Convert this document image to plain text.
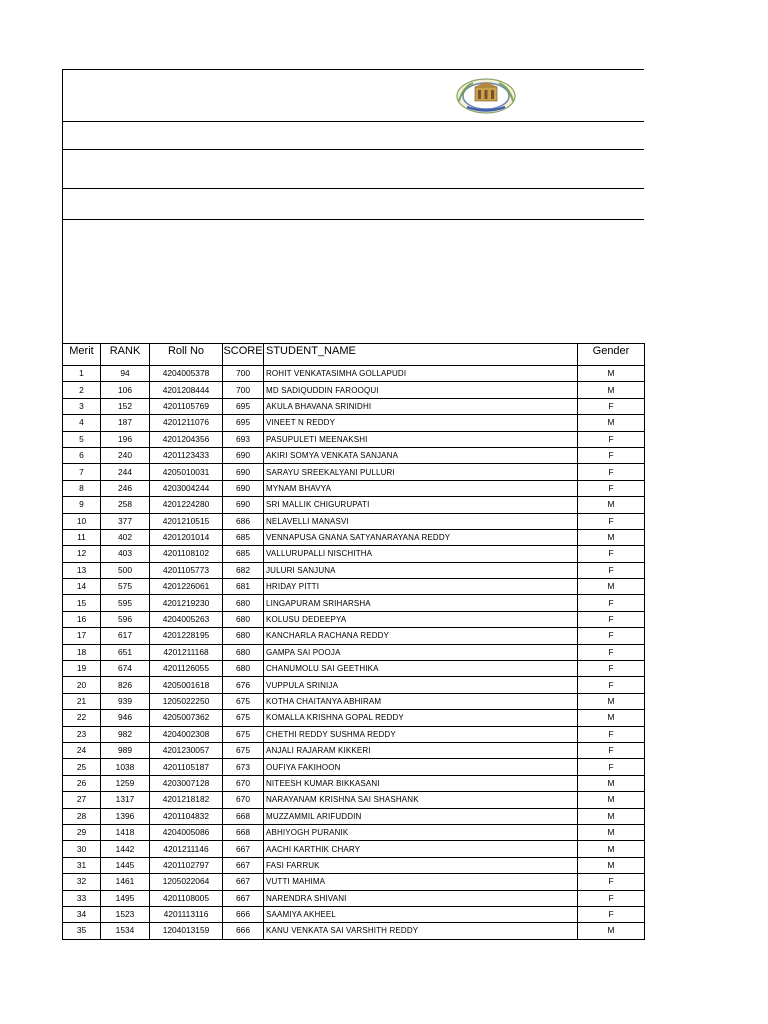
Merit	RANK	Roll No	SCORE	STUDENT_NAME	Gender
1	94	4204005378	700	ROHIT VENKATASIMHA GOLLAPUDI	M
2	106	4201208444	700	MD SADIQUDDIN FAROOQUI	M
3	152	4201105769	695	AKULA BHAVANA SRINIDHI	F
4	187	4201211076	695	VINEET N REDDY	M
5	196	4201204356	693	PASUPULETI MEENAKSHI	F
6	240	4201123433	690	AKIRI SOMYA VENKATA SANJANA	F
7	244	4205010031	690	SARAYU SREEKALYANI PULLURI	F
8	246	4203004244	690	MYNAM BHAVYA	F
9	258	4201224280	690	SRI MALLIK CHIGURUPATI	M
10	377	4201210515	686	NELAVELLI MANASVI	F
11	402	4201201014	685	VENNAPUSA GNANA SATYANARAYANA REDDY	M
12	403	4201108102	685	VALLURUPALLI NISCHITHA	F
13	500	4201105773	682	JULURI SANJUNA	F
14	575	4201226061	681	HRIDAY PITTI	M
15	595	4201219230	680	LINGAPURAM SRIHARSHA	F
16	596	4204005263	680	KOLUSU DEDEEPYA	F
17	617	4201228195	680	KANCHARLA RACHANA REDDY	F
18	651	4201211168	680	GAMPA SAI POOJA	F
19	674	4201126055	680	CHANUMOLU SAI GEETHIKA	F
20	826	4205001618	676	VUPPULA SRINIJA	F
21	939	1205022250	675	KOTHA CHAITANYA ABHIRAM	M
22	946	4205007362	675	KOMALLA KRISHNA GOPAL REDDY	M
23	982	4204002308	675	CHETHI REDDY SUSHMA REDDY	F
24	989	4201230057	675	ANJALI RAJARAM KIKKERI	F
25	1038	4201105187	673	OUFIYA FAKIHOON	F
26	1259	4203007128	670	NITEESH KUMAR BIKKASANI	M
27	1317	4201218182	670	NARAYANAM KRISHNA SAI SHASHANK	M
28	1396	4201104832	668	MUZZAMMIL ARIFUDDIN	M
29	1418	4204005086	668	ABHIYOGH PURANIK	M
30	1442	4201211146	667	AACHI KARTHIK CHARY	M
31	1445	4201102797	667	FASI FARRUK	M
32	1461	1205022064	667	VUTTI MAHIMA	F
33	1495	4201108005	667	NARENDRA SHIVANI	F
34	1523	4201113116	666	SAAMIYA AKHEEL	F
35	1534	1204013159	666	KANU VENKATA SAI VARSHITH REDDY	M
